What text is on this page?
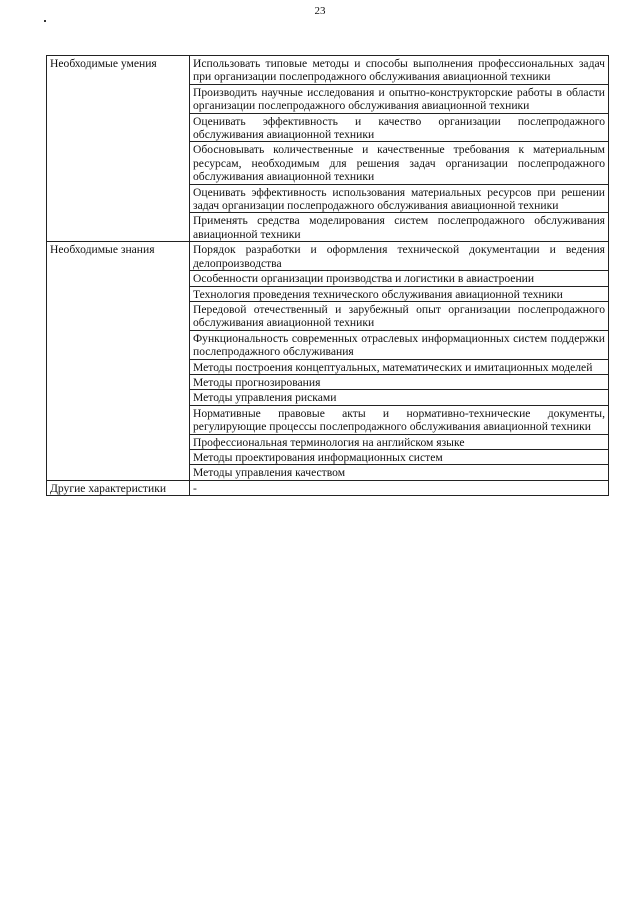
23
Необходимые умения	Использовать типовые методы и способы выполнения профессиональных задач при организации послепродажного обслуживания авиационной техники
	Производить научные исследования и опытно-конструкторские работы в области организации послепродажного обслуживания авиационной техники
	Оценивать эффективность и качество организации послепродажного обслуживания авиационной техники
	Обосновывать количественные и качественные требования к материальным ресурсам, необходимым для решения задач организации послепродажного обслуживания авиационной техники
	Оценивать эффективность использования материальных ресурсов при решении задач организации послепродажного обслуживания авиационной техники
	Применять средства моделирования систем послепродажного обслуживания авиационной техники
Необходимые знания	Порядок разработки и оформления технической документации и ведения делопроизводства
	Особенности организации производства и логистики в авиастроении
	Технология проведения технического обслуживания авиационной техники
	Передовой отечественный и зарубежный опыт организации послепродажного обслуживания авиационной техники
	Функциональность современных отраслевых информационных систем поддержки послепродажного обслуживания
	Методы построения концептуальных, математических и имитационных моделей
	Методы прогнозирования
	Методы управления рисками
	Нормативные правовые акты и нормативно-технические документы, регулирующие процессы послепродажного обслуживания авиационной техники
	Профессиональная терминология на английском языке
	Методы проектирования информационных систем
	Методы управления качеством
Другие характеристики	-
